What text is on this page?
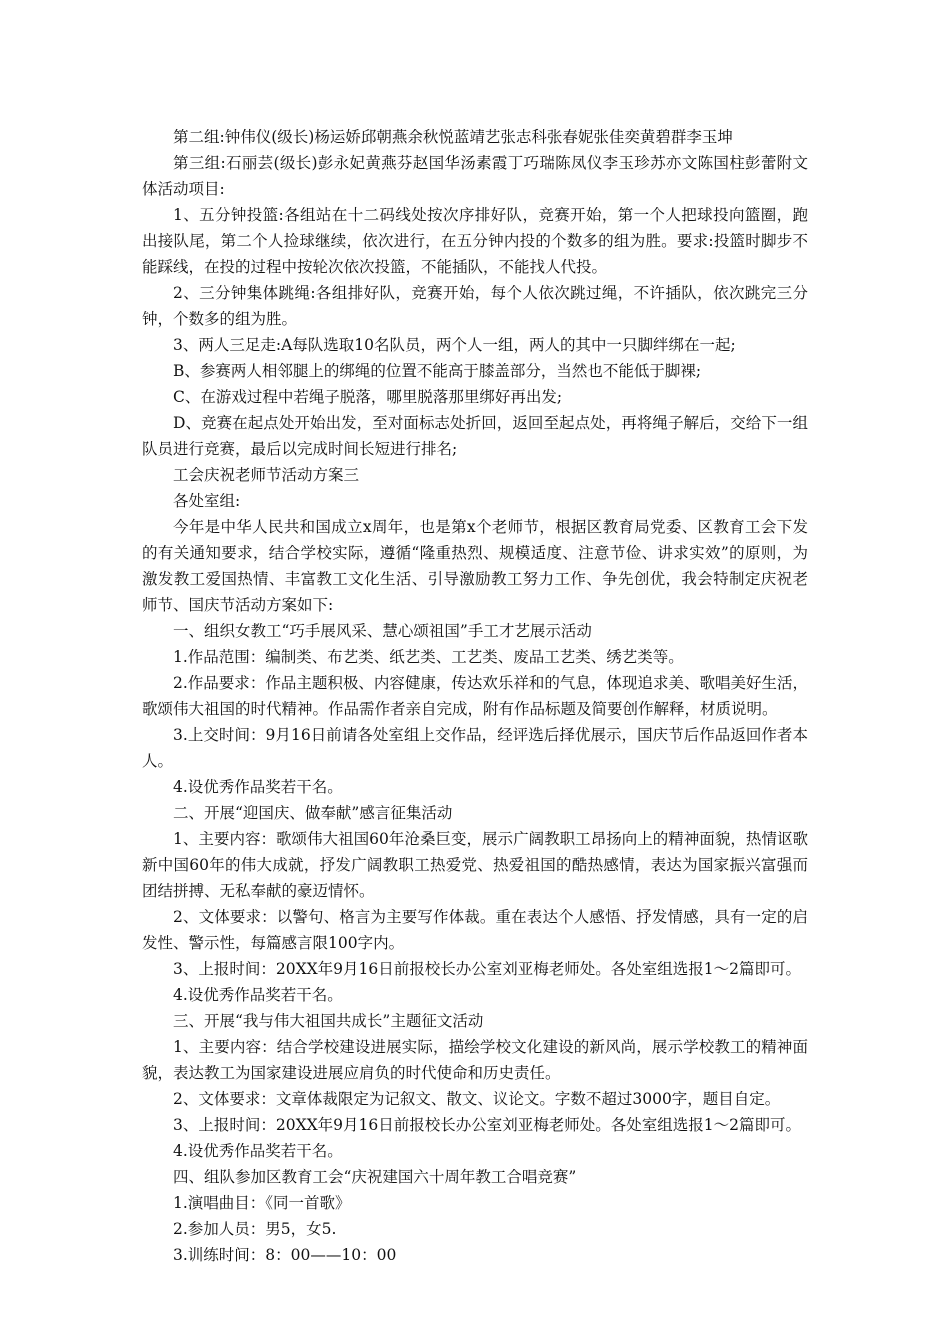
第二组:钟伟仪(级长)杨运娇邱朝燕余秋悦蓝靖艺张志科张春妮张佳奕黄碧群李玉坤

第三组:石丽芸(级长)彭永妃黄燕芬赵国华汤素霞丁巧瑞陈凤仪李玉珍苏亦文陈国柱彭蕾附文体活动项目:

1、五分钟投篮:各组站在十二码线处按次序排好队，竞赛开始，第一个人把球投向篮圈，跑出接队尾，第二个人捡球继续，依次进行，在五分钟内投的个数多的组为胜。要求:投篮时脚步不能踩线，在投的过程中按轮次依次投篮，不能插队，不能找人代投。

2、三分钟集体跳绳:各组排好队，竞赛开始，每个人依次跳过绳，不许插队，依次跳完三分钟，个数多的组为胜。

3、两人三足走:A每队选取10名队员，两个人一组，两人的其中一只脚绊绑在一起;

B、参赛两人相邻腿上的绑绳的位置不能高于膝盖部分，当然也不能低于脚裸;

C、在游戏过程中若绳子脱落，哪里脱落那里绑好再出发;

D、竞赛在起点处开始出发，至对面标志处折回，返回至起点处，再将绳子解后，交给下一组队员进行竞赛，最后以完成时间长短进行排名;

工会庆祝老师节活动方案三

各处室组:

今年是中华人民共和国成立x周年，也是第x个老师节，根据区教育局党委、区教育工会下发的有关通知要求，结合学校实际，遵循“隆重热烈、规模适度、注意节俭、讲求实效”的原则，为激发教工爱国热情、丰富教工文化生活、引导激励教工努力工作、争先创优，我会特制定庆祝老师节、国庆节活动方案如下:

一、组织女教工“巧手展风采、慧心颂祖国”手工才艺展示活动

1.作品范围：编制类、布艺类、纸艺类、工艺类、废品工艺类、绣艺类等。

2.作品要求：作品主题积极、内容健康，传达欢乐祥和的气息，体现追求美、歌唱美好生活，歌颂伟大祖国的时代精神。作品需作者亲自完成，附有作品标题及简要创作解释，材质说明。

3.上交时间：9月16日前请各处室组上交作品，经评选后择优展示，国庆节后作品返回作者本人。

4.设优秀作品奖若干名。

二、开展“迎国庆、做奉献”感言征集活动

1、主要内容：歌颂伟大祖国60年沧桑巨变，展示广阔教职工昂扬向上的精神面貌，热情讴歌新中国60年的伟大成就，抒发广阔教职工热爱党、热爱祖国的酷热感情，表达为国家振兴富强而团结拼搏、无私奉献的豪迈情怀。

2、文体要求：以警句、格言为主要写作体裁。重在表达个人感悟、抒发情感，具有一定的启发性、警示性，每篇感言限100字内。

3、上报时间：20XX年9月16日前报校长办公室刘亚梅老师处。各处室组选报1～2篇即可。

4.设优秀作品奖若干名。

三、开展“我与伟大祖国共成长”主题征文活动

1、主要内容：结合学校建设进展实际，描绘学校文化建设的新风尚，展示学校教工的精神面貌，表达教工为国家建设进展应肩负的时代使命和历史责任。

2、文体要求：文章体裁限定为记叙文、散文、议论文。字数不超过3000字，题目自定。

3、上报时间：20XX年9月16日前报校长办公室刘亚梅老师处。各处室组选报1～2篇即可。

4.设优秀作品奖若干名。

四、组队参加区教育工会“庆祝建国六十周年教工合唱竞赛”

1.演唱曲目：《同一首歌》

2.参加人员：男5，女5.

3.训练时间：8：00——10：00
